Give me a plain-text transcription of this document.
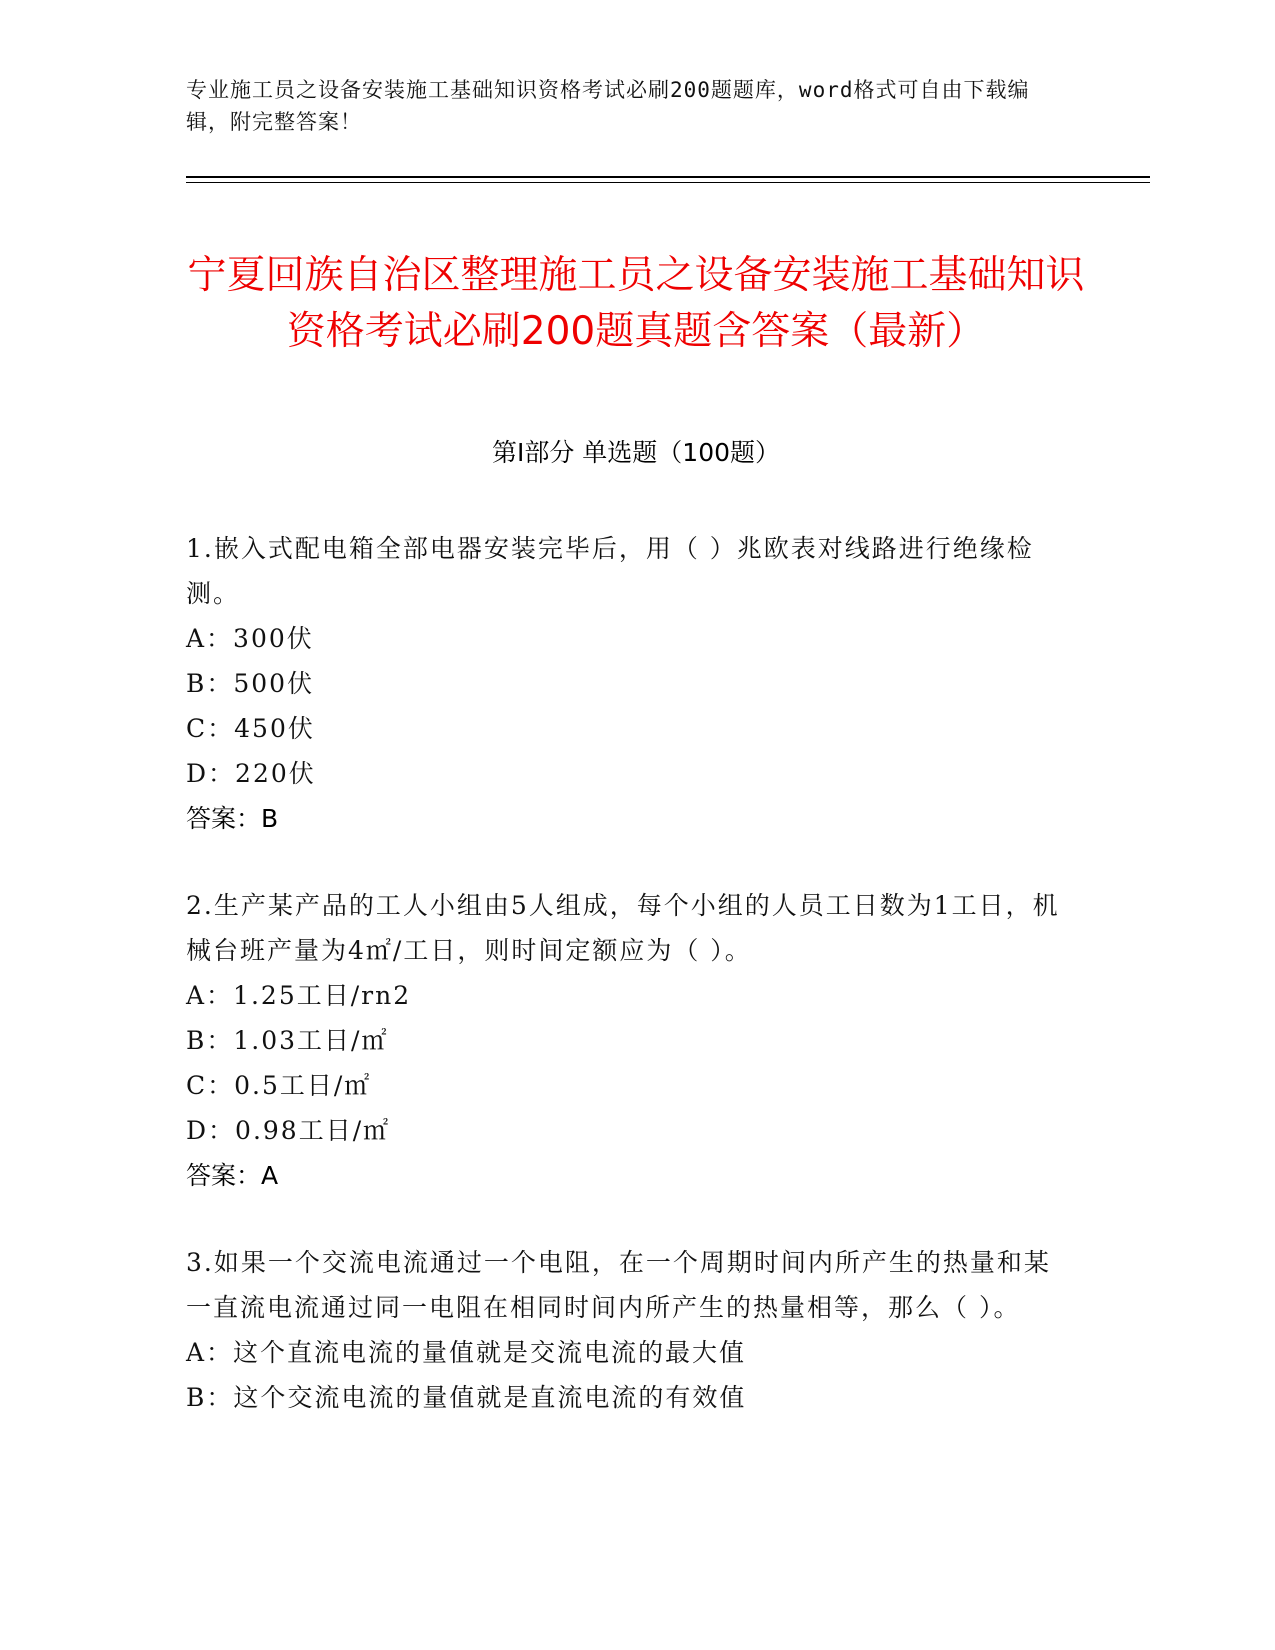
专业施工员之设备安装施工基础知识资格考试必刷200题题库，word格式可自由下载编辑，附完整答案！
宁夏回族自治区整理施工员之设备安装施工基础知识资格考试必刷200题真题含答案（最新）
第Ⅰ部分 单选题（100题）
1.嵌入式配电箱全部电器安装完毕后，用（ ）兆欧表对线路进行绝缘检测。
A：300伏
B：500伏
C：450伏
D：220伏
答案：B
2.生产某产品的工人小组由5人组成，每个小组的人员工日数为1工日，机械台班产量为4㎡/工日，则时间定额应为（ ）。
A：1.25工日/rn2
B：1.03工日/㎡
C：0.5工日/㎡
D：0.98工日/㎡
答案：A
3.如果一个交流电流通过一个电阻，在一个周期时间内所产生的热量和某一直流电流通过同一电阻在相同时间内所产生的热量相等，那么（ ）。
A：这个直流电流的量值就是交流电流的最大值
B：这个交流电流的量值就是直流电流的有效值
